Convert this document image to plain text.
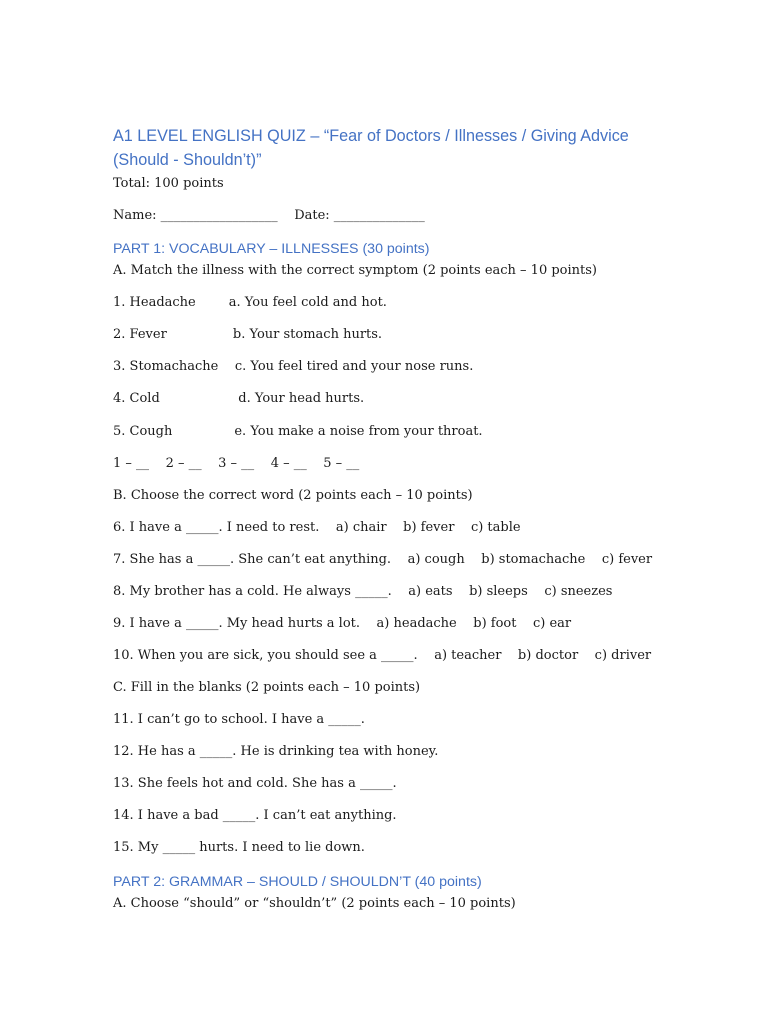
A1 LEVEL ENGLISH QUIZ – “Fear of Doctors / Illnesses / Giving Advice
(Should - Shouldn’t)”
Total: 100 points
Name: __________________    Date: ______________
PART 1: VOCABULARY – ILLNESSES (30 points)
A. Match the illness with the correct symptom (2 points each – 10 points)
1. Headache        a. You feel cold and hot.
2. Fever                b. Your stomach hurts.
3. Stomachache    c. You feel tired and your nose runs.
4. Cold                   d. Your head hurts.
5. Cough               e. You make a noise from your throat.
1 – __    2 – __    3 – __    4 – __    5 – __
B. Choose the correct word (2 points each – 10 points)
6. I have a _____. I need to rest.    a) chair    b) fever    c) table
7. She has a _____. She can’t eat anything.    a) cough    b) stomachache    c) fever
8. My brother has a cold. He always _____.    a) eats    b) sleeps    c) sneezes
9. I have a _____. My head hurts a lot.    a) headache    b) foot    c) ear
10. When you are sick, you should see a _____.    a) teacher    b) doctor    c) driver
C. Fill in the blanks (2 points each – 10 points)
11. I can’t go to school. I have a _____.
12. He has a _____. He is drinking tea with honey.
13. She feels hot and cold. She has a _____.
14. I have a bad _____. I can’t eat anything.
15. My _____ hurts. I need to lie down.
PART 2: GRAMMAR – SHOULD / SHOULDN’T (40 points)
A. Choose “should” or “shouldn’t” (2 points each – 10 points)
